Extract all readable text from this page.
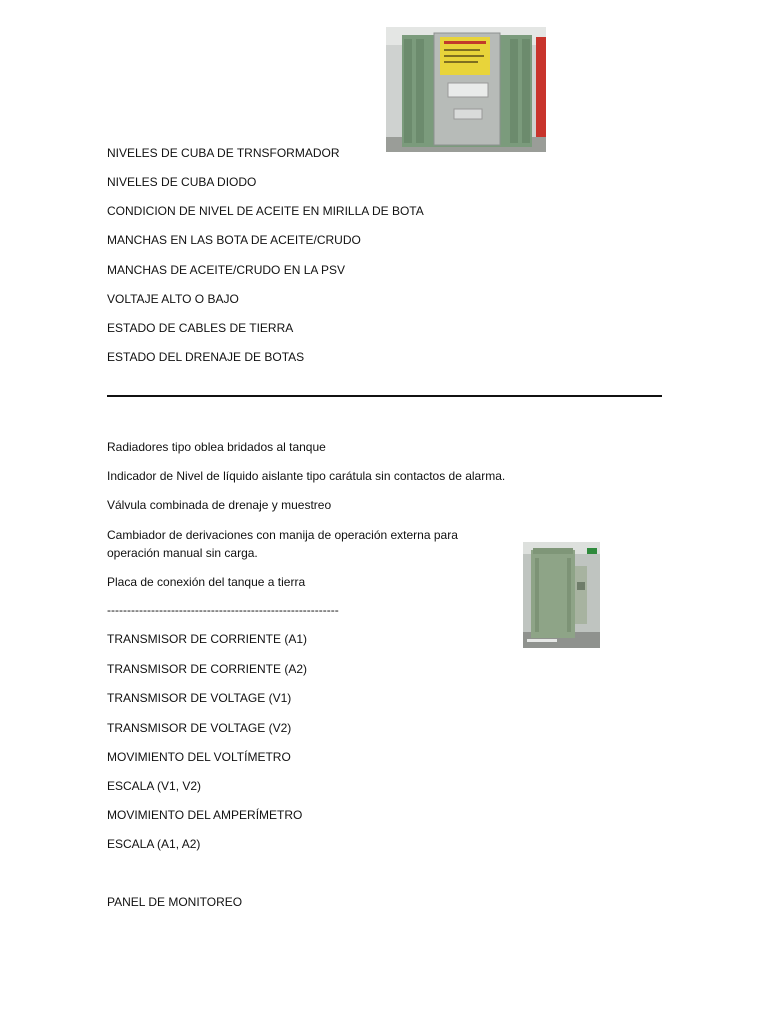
NIVELES DE CUBA DE TRNSFORMADOR
NIVELES DE CUBA DIODO
CONDICION DE NIVEL DE ACEITE EN MIRILLA DE BOTA
MANCHAS EN LAS BOTA DE ACEITE/CRUDO
MANCHAS DE ACEITE/CRUDO EN LA PSV
VOLTAJE ALTO O BAJO
ESTADO DE CABLES DE TIERRA
ESTADO DEL DRENAJE DE BOTAS
Radiadores tipo oblea bridados al tanque
Indicador de Nivel de líquido aislante tipo carátula sin contactos de alarma.
Válvula combinada de drenaje y muestreo
Cambiador de derivaciones con manija de operación externa para
operación manual sin carga.
Placa de conexión del tanque a tierra
----------------------------------------------------------
TRANSMISOR DE CORRIENTE (A1)
TRANSMISOR DE CORRIENTE (A2)
TRANSMISOR DE VOLTAGE (V1)
TRANSMISOR DE VOLTAGE (V2)
MOVIMIENTO DEL VOLTÍMETRO
ESCALA (V1, V2)
MOVIMIENTO DEL AMPERÍMETRO
ESCALA (A1, A2)
PANEL DE MONITOREO
